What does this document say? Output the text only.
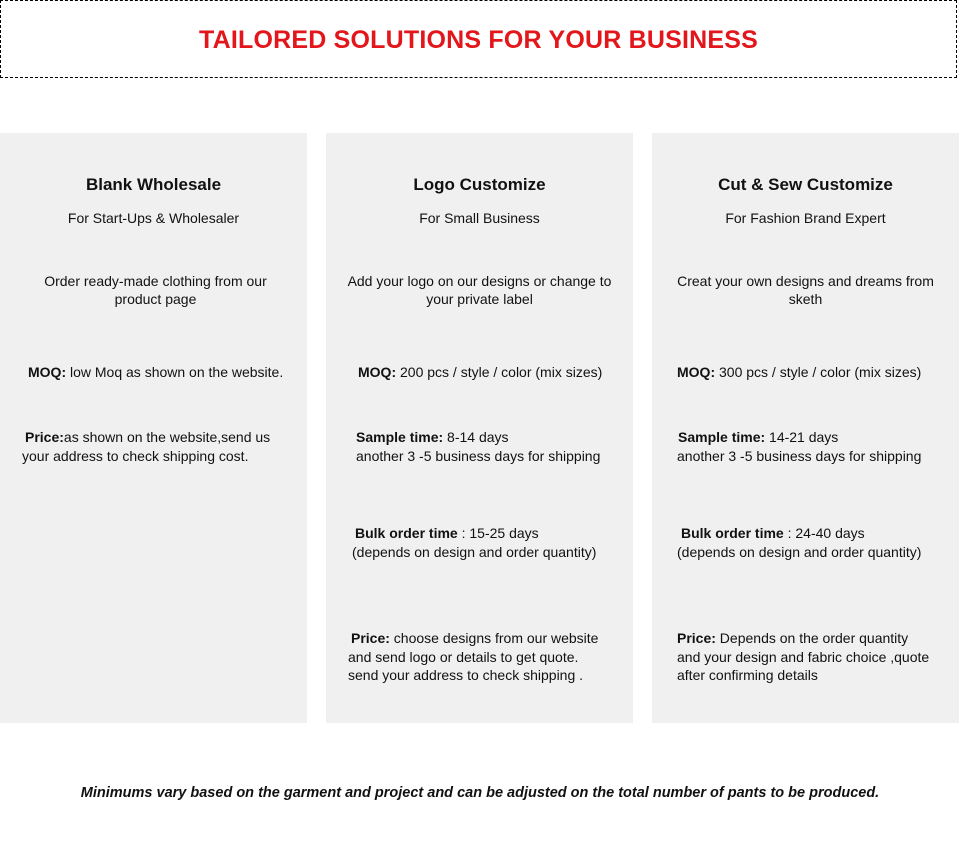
TAILORED SOLUTIONS FOR YOUR BUSINESS
Blank Wholesale
For Start-Ups & Wholesaler
Order ready-made clothing from our
product page
MOQ: low Moq as shown on the website.
Price:as shown on the website,send us
your address to check shipping cost.
Logo Customize
For Small Business
Add your logo on our designs or change to
your private label
MOQ: 200 pcs / style / color (mix sizes)
Sample time: 8-14 days
another 3 -5 business days for shipping
Bulk order time : 15-25 days
(depends on design and order quantity)
Price: choose designs from our website
and send logo or details to get quote.
send your address to check shipping .
Cut & Sew Customize
For Fashion Brand Expert
Creat your own designs and dreams from
sketh
MOQ: 300 pcs / style / color (mix sizes)
Sample time: 14-21 days
another 3 -5 business days for shipping
Bulk order time : 24-40 days
(depends on design and order quantity)
Price: Depends on the order quantity
and your design and fabric choice ,quote
after confirming details
Minimums vary based on the garment and project and can be adjusted on the total number of pants to be produced.
